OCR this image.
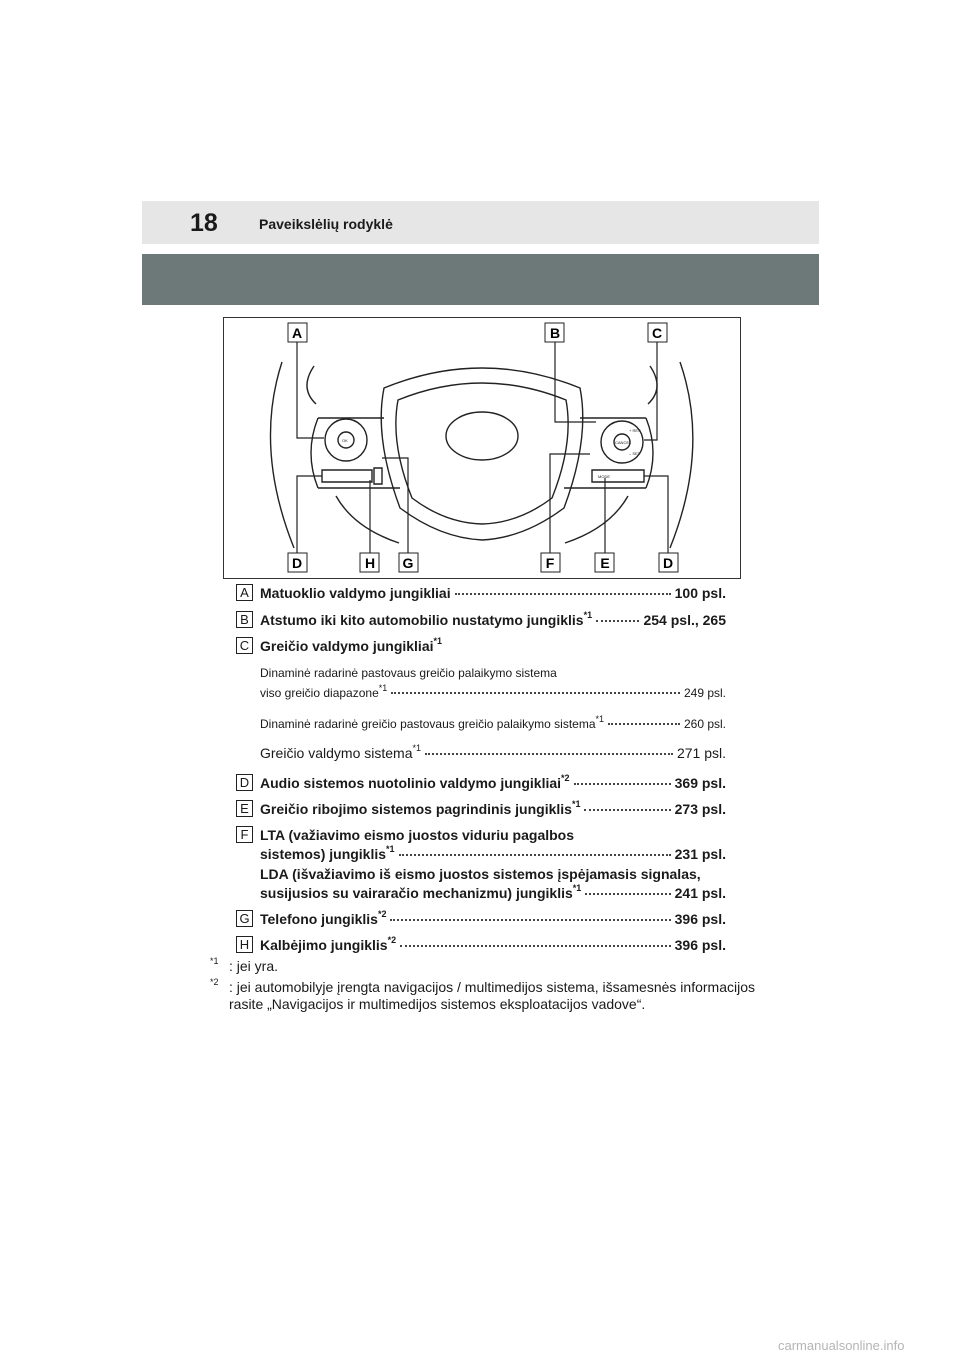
18	Paveikslėlių rodyklė
OK
+ RES
CANCEL
– SET
MODE
A	B	C
D	H G	F	E	D
A Matuoklio valdymo jungikliai	100 psl.
B Atstumo iki kito automobilio nustatymo jungiklis$^{*1}$	254 psl., 265
C Greičio valdymo jungikliai$^{*1}$
Dinaminė radarinė pastovaus greičio palaikymo sistema
viso greičio diapazone$^{*1}$	249 psl.
Dinaminė radarinė greičio pastovaus greičio palaikymo sistema$^{*1}$	260 psl.
Greičio valdymo sistema$^{*1}$	271 psl.
D Audio sistemos nuotolinio valdymo jungikliai$^{*2}$	369 psl.
E Greičio ribojimo sistemos pagrindinis jungiklis$^{*1}$	273 psl.
F LTA (važiavimo eismo juostos viduriu pagalbos
sistemos) jungiklis$^{*1}$	231 psl.
LDA (išvažiavimo iš eismo juostos sistemos įspėjamasis signalas,
susijusios su vairaračio mechanizmu) jungiklis$^{*1}$	241 psl.
G Telefono jungiklis$^{*2}$	396 psl.
H Kalbėjimo jungiklis$^{*2}$	396 psl.
$^{*1}$ : jei yra.
$^{*2}$ : jei automobilyje įrengta navigacijos / multimedijos sistema, išsamesnės informacijos rasite „Navigacijos ir multimedijos sistemos eksploatacijos vadove“.
carmanualsonline.info
